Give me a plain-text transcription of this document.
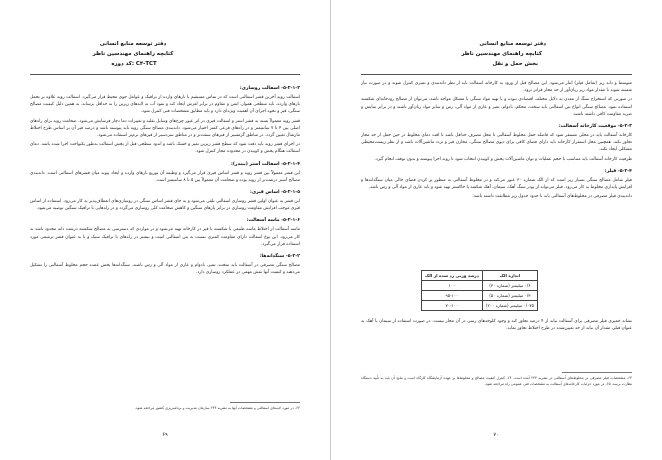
دفتر توسعه منابع انسانی
کتابچه راهنمای مهندسین ناظر
کد دوره: C۴-TCT
۵-۲-۱-۳- اسفالت روسازی:

اسفالت رویه آخرین قشر اسفالتی است که در تماس مستقیم با بارهای وارده از ترافیک و عوامل جوی محیط قرار می‌گیرد. اسفالت رویه علاوه بر تحمل بارهای وارده، باید سطحی هموار، ایمن و مقاوم در برابر لغزش ایجاد کند و نفوذ آب به لایه‌های زیرین را به حداقل برساند. به همین دلیل کیفیت مصالح سنگی، قیر و نحوه اجرای آن اهمیت ویژه‌ای دارد و باید مطابق مشخصات فنی کنترل شود.

قشر رویه معمولاً بسته به قشر استر و اسفالت قیری در اثر عبور چرخ‌های وسایل نقلیه و تغییرات دما دچار فرسایش می‌شود. ضخامت رویه برای راه‌های اصلی بین ۴ تا ۷ سانتیمتر و در راه‌های فرعی کمتر اختیار می‌شود. دانه‌بندی مصالح سنگی رویه باید پیوسته باشد و درصد قیر آن بر اساس طرح اختلاط مارشال تعیین گردد. در مناطق گرمسیر از قیرهای سفت‌تر و در مناطق سردسیر از قیرهای نرم‌تر استفاده می‌شود.

در اجرای قشر رویه باید دقت شود که سطح قشر زیرین تمیز و خشک باشد و اندود سطحی قبل از پخش اسفالت به‌طور یکنواخت اجرا شده باشد. دمای اسفالت هنگام پخش و کوبیدن در محدوده مجاز کنترل شود.

۵-۲-۱-۴- اسفالت آستر (بیندر):

این قشر معمولاً بین قشر رویه و قشر اساس قیری قرار می‌گیرد و وظیفه آن توزیع بارهای وارده و ایجاد پیوند میان قشرهای اسفالتی است. دانه‌بندی مصالح آستر درشت‌تر از رویه بوده و ضخامت آن معمولاً بین ۵ تا ۸ سانتیمتر است.

۵-۲-۱-۵- اساس قیری:

این قشر به عنوان اولین قشر روسازی اسفالتی تلقی می‌شود و به جای قشر اساس سنگی در روسازی‌های انعطاف‌پذیر به کار می‌رود. استفاده از اساس قیری موجب افزایش مقاومت روسازی در برابر بارهای سنگین و کاهش ضخامت کلی روسازی می‌گردد و در راه‌هایی با ترافیک سنگین توصیه می‌شود.

۵-۲-۱-۶- ماسه آسفالت:

ماسه آسفالت از اختلاط ماسه طبیعی یا شکسته با قیر در کارخانه تهیه می‌شود و در مواردی که دسترسی به مصالح شکسته درشت دانه محدود باشد به کار می‌رود. این نوع اسفالت دارای مقاومت کمتری نسبت به بتن اسفالتی است و بیشتر در راه‌های با ترافیک سبک و یا به عنوان قشر ترمیمی مورد استفاده قرار می‌گیرد.

۵-۲-۲- سنگدانه‌ها:

مصالح سنگی مصرفی در آسفالت باید سخت، تمیز، بادوام و عاری از مواد آلی و رس باشند. سنگدانه‌ها بخش عمده حجم مخلوط آسفالتی را تشکیل می‌دهند و کیفیت آنها نقش مهمی در عملکرد روسازی دارد.

۶۲- در مورد لایه‌های اسفالتی و مشخصات آنها به نشریه ۲۳۴ سازمان مدیریت و برنامه‌ریزی کشور مراجعه شود.
۶۹
دفتر توسعه منابع انسانی
کتابچه راهنمای مهندسین ناظر
بخش حمل و نقل

متوسط و دانه ریز (شامل فیلر) انبار می‌شود. این مصالح قبل از ورود به کارخانه اسفالت باید از نظر دانه‌بندی و تمیزی کنترل شوند و در صورت نیاز شسته شوند تا مقدار مواد ریز زیان‌آور از حد مجاز فراتر نرود.

در صورتی که استخراج سنگ از معدن به دلایل مختلف اقتصادی نبوده و یا تهیه مواد سنگی با مشکل مواجه باشد، می‌توان از مصالح رودخانه‌ای شکسته استفاده نمود. مصالح سنگی انواع بتن اسفالتی باید سخت، محکم، بادوام، تمیز و عاری از مواد آلی، رس و سایر مواد زیان‌آور باشند و در برابر سایش و ضربه مقاومت کافی داشته باشند.

۵-۲-۳- موقعیت کارخانه آسفالت:

کارخانه آسفالت باید در محلی مستقر شود که فاصله حمل مخلوط آسفالتی تا محل مصرف حداقل باشد تا افت دمای مخلوط در حین حمل از حد مجاز تجاوز نکند. همچنین محل استقرار کارخانه باید دارای فضای کافی برای دپوی مصالح سنگی، مخازن قیر و تردد ماشین‌آلات باشد و از نظر زیست‌محیطی مشکلی ایجاد نکند.

ظرفیت کارخانه آسفالت باید متناسب با حجم عملیات و توان ماشین‌آلات پخش و کوبیدن انتخاب شود تا روند اجرا پیوسته و بدون توقف انجام گیرد.

۵-۲-۴- فیلر:

فیلر شامل مصالح سنگی بسیار ریز است که از الک شماره ۳۰ عبور می‌کند و در مخلوط آسفالتی به منظور پر کردن فضای خالی میان سنگدانه‌ها و افزایش پایداری مخلوط به کار می‌رود. فیلر می‌تواند از پودر سنگ آهک، سیمان، آهک شکفته یا خاکستر تهیه شود و باید عاری از مواد آلی و رس باشد.

دانه‌بندی فیلر مصرفی در مخلوط‌های آسفالتی باید با حدود جدول زیر مطابقت داشته باشد:

اندازه الک	درصد وزنی رد شده از الک
۰/۶ میلیمتر (شماره ۳۰)	۱۰۰
۰/۳ میلیمتر (شماره ۵۰)	۹۵-۱۰۰
۰/۰۷۵ میلیمتر (شماره ۲۰۰)	۷۰-۱۰۰
نشانه خمیری فیلر مصرفی برای آسفالت نباید از ۴ درصد تجاوز کند و وجود کلوخه‌های رسی در آن مجاز نیست. در صورت استفاده از سیمان یا آهک به عنوان فیلر، مقدار آن نباید از حد تعیین‌شده در طرح اختلاط تجاوز نماید.
۶۳- مشخصات فیلر مصرفی در مخلوط‌های آسفالتی در نشریه ۲۳۴ آمده است. ۶۴- کنترل کیفیت مصالح و مخلوط‌ها بر عهده آزمایشگاه کارگاه است و نتایج آن باید به تأیید دستگاه نظارت برسد. ۶۵- در مورد جزئیات کارخانه‌های آسفالت به مشخصات فنی عمومی راه مراجعه شود.
۷۰
